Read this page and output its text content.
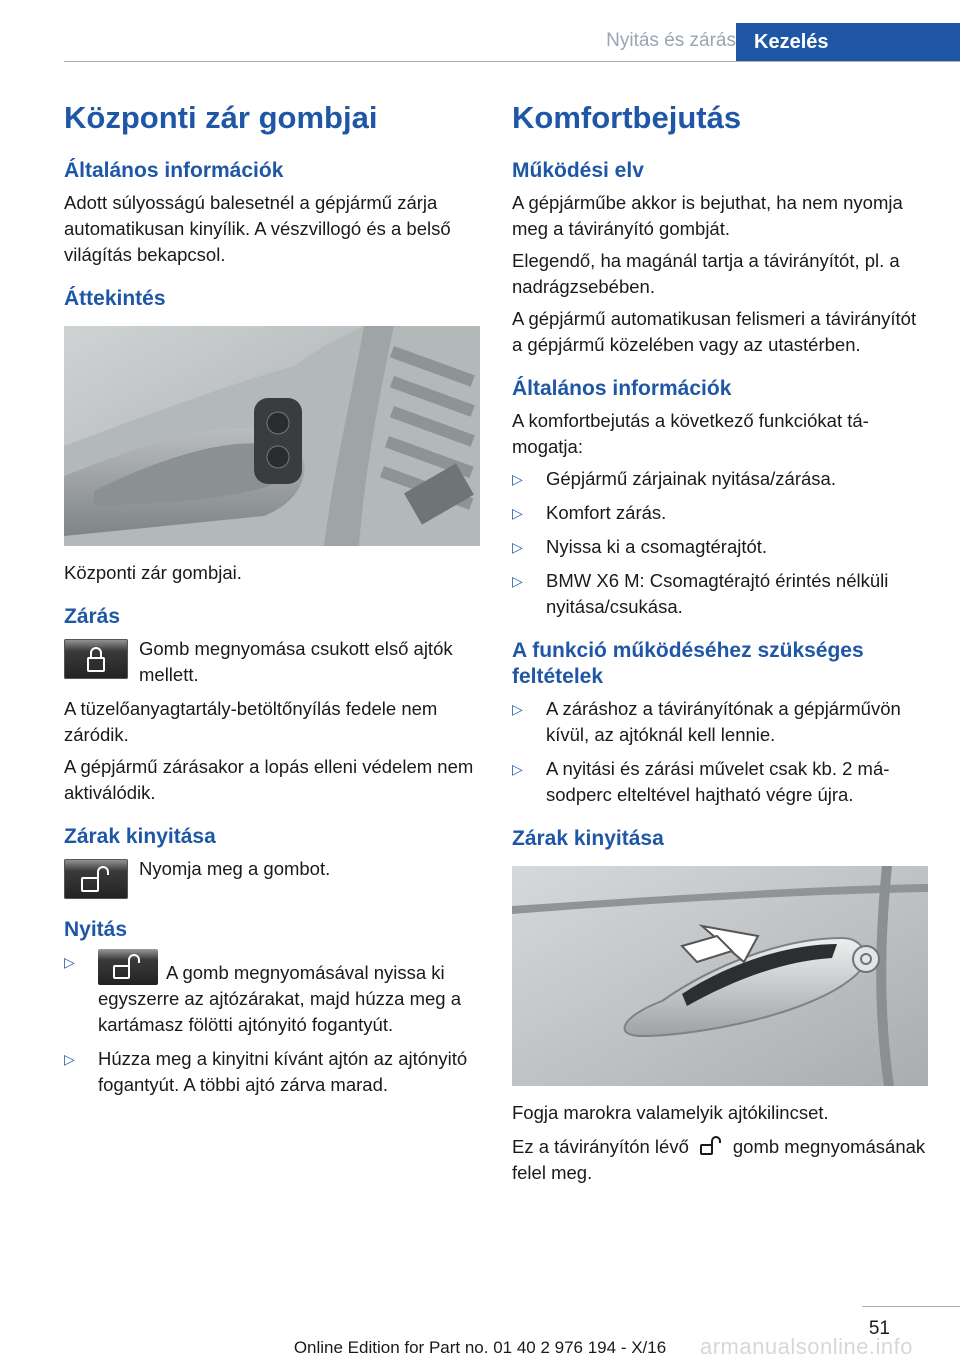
Nyitás és zárás Kezelés
Központi zár gombjai
Általános információk
Adott súlyosságú balesetnél a gépjármű zárja automatikusan kinyílik. A vészvillogó és a belső világítás bekapcsol.
Áttekintés
Központi zár gombjai.
Zárás
Gomb megnyomása csukott első ajtók mellett.
A tüzelőanyagtartály-betöltőnyílás fedele nem záródik.
A gépjármű zárásakor a lopás elleni védelem nem aktiválódik.
Zárak kinyitása
Nyomja meg a gombot.
Nyitás
▷	A gomb megnyomásával nyissa ki egyszerre az ajtózárakat, majd húzza meg a kartámasz fölötti ajtónyitó fogantyút.
▷ Húzza meg a kinyitni kívánt ajtón az ajtónyitó fogantyút. A többi ajtó zárva marad.
Komfortbejutás
Működési elv
A gépjárműbe akkor is bejuthat, ha nem nyomja meg a távirányító gombját.
Elegendő, ha magánál tartja a távirányítót, pl. a nadrágzsebében.
A gépjármű automatikusan felismeri a távirányítót a gépjármű közelében vagy az utastérben.
Általános információk
A komfortbejutás a következő funkciókat támogatja:
▷ Gépjármű zárjainak nyitása/zárása.
▷ Komfort zárás.
▷ Nyissa ki a csomagtérajtót.
▷ BMW X6 M: Csomagtérajtó érintés nélküli nyitása/csukása.
A funkció működéséhez szükséges feltételek
▷ A záráshoz a távirányítónak a gépjárművön kívül, az ajtóknál kell lennie.
▷ A nyitási és zárási művelet csak kb. 2 másodperc elteltével hajtható végre újra.
Zárak kinyitása
Fogja marokra valamelyik ajtókilincset.
Ez a távirányítón lévő gomb megnyomásának felel meg.
51
armanualsonline.info
Online Edition for Part no. 01 40 2 976 194 - X/16
